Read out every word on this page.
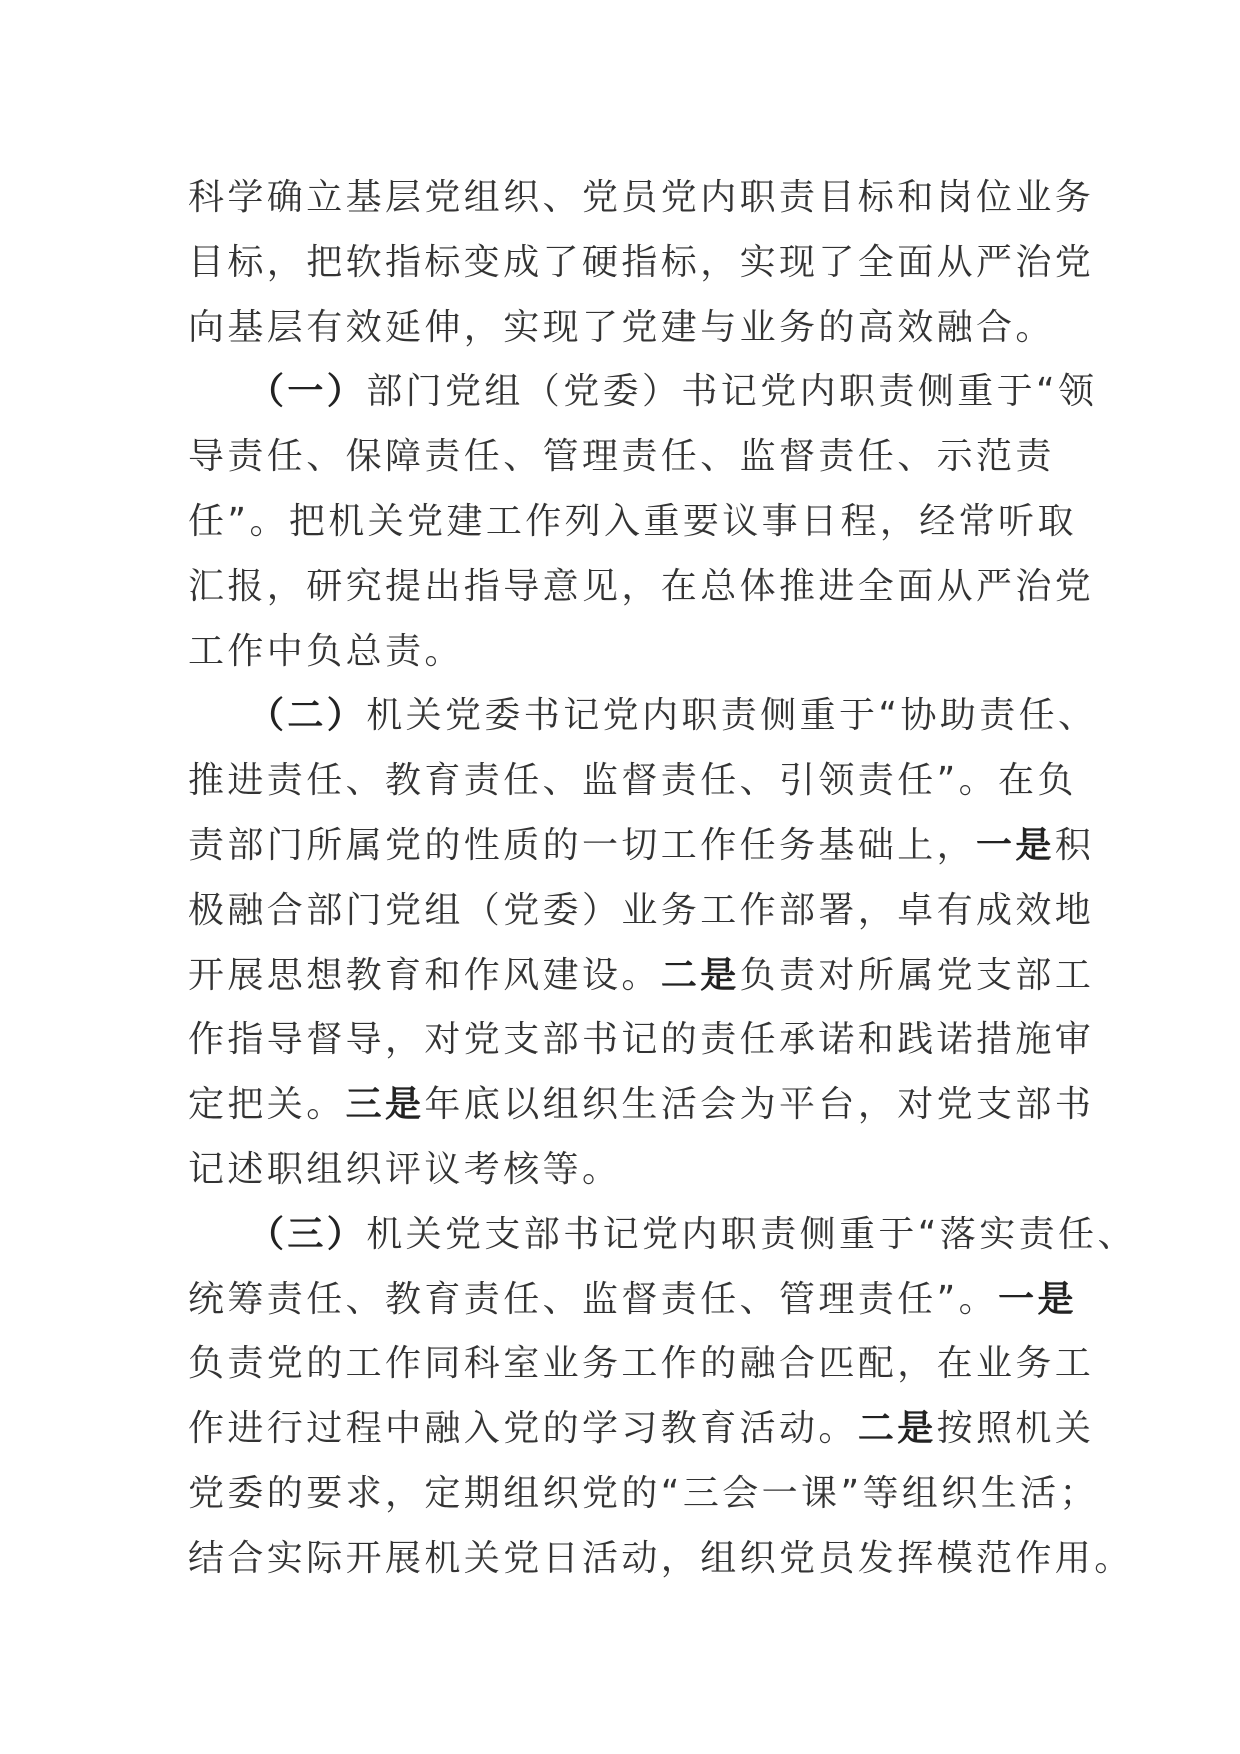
科学确立基层党组织、党员党内职责目标和岗位业务
目标，把软指标变成了硬指标，实现了全面从严治党
向基层有效延伸，实现了党建与业务的高效融合。
（一）部门党组（党委）书记党内职责侧重于“领
导责任、保障责任、管理责任、监督责任、示范责
任”。把机关党建工作列入重要议事日程，经常听取
汇报，研究提出指导意见，在总体推进全面从严治党
工作中负总责。
（二）机关党委书记党内职责侧重于“协助责任、
推进责任、教育责任、监督责任、引领责任”。在负
责部门所属党的性质的一切工作任务基础上，一是积
极融合部门党组（党委）业务工作部署，卓有成效地
开展思想教育和作风建设。二是负责对所属党支部工
作指导督导，对党支部书记的责任承诺和践诺措施审
定把关。三是年底以组织生活会为平台，对党支部书
记述职组织评议考核等。
（三）机关党支部书记党内职责侧重于“落实责任、
统筹责任、教育责任、监督责任、管理责任”。一是
负责党的工作同科室业务工作的融合匹配，在业务工
作进行过程中融入党的学习教育活动。二是按照机关
党委的要求，定期组织党的“三会一课”等组织生活；
结合实际开展机关党日活动，组织党员发挥模范作用。
